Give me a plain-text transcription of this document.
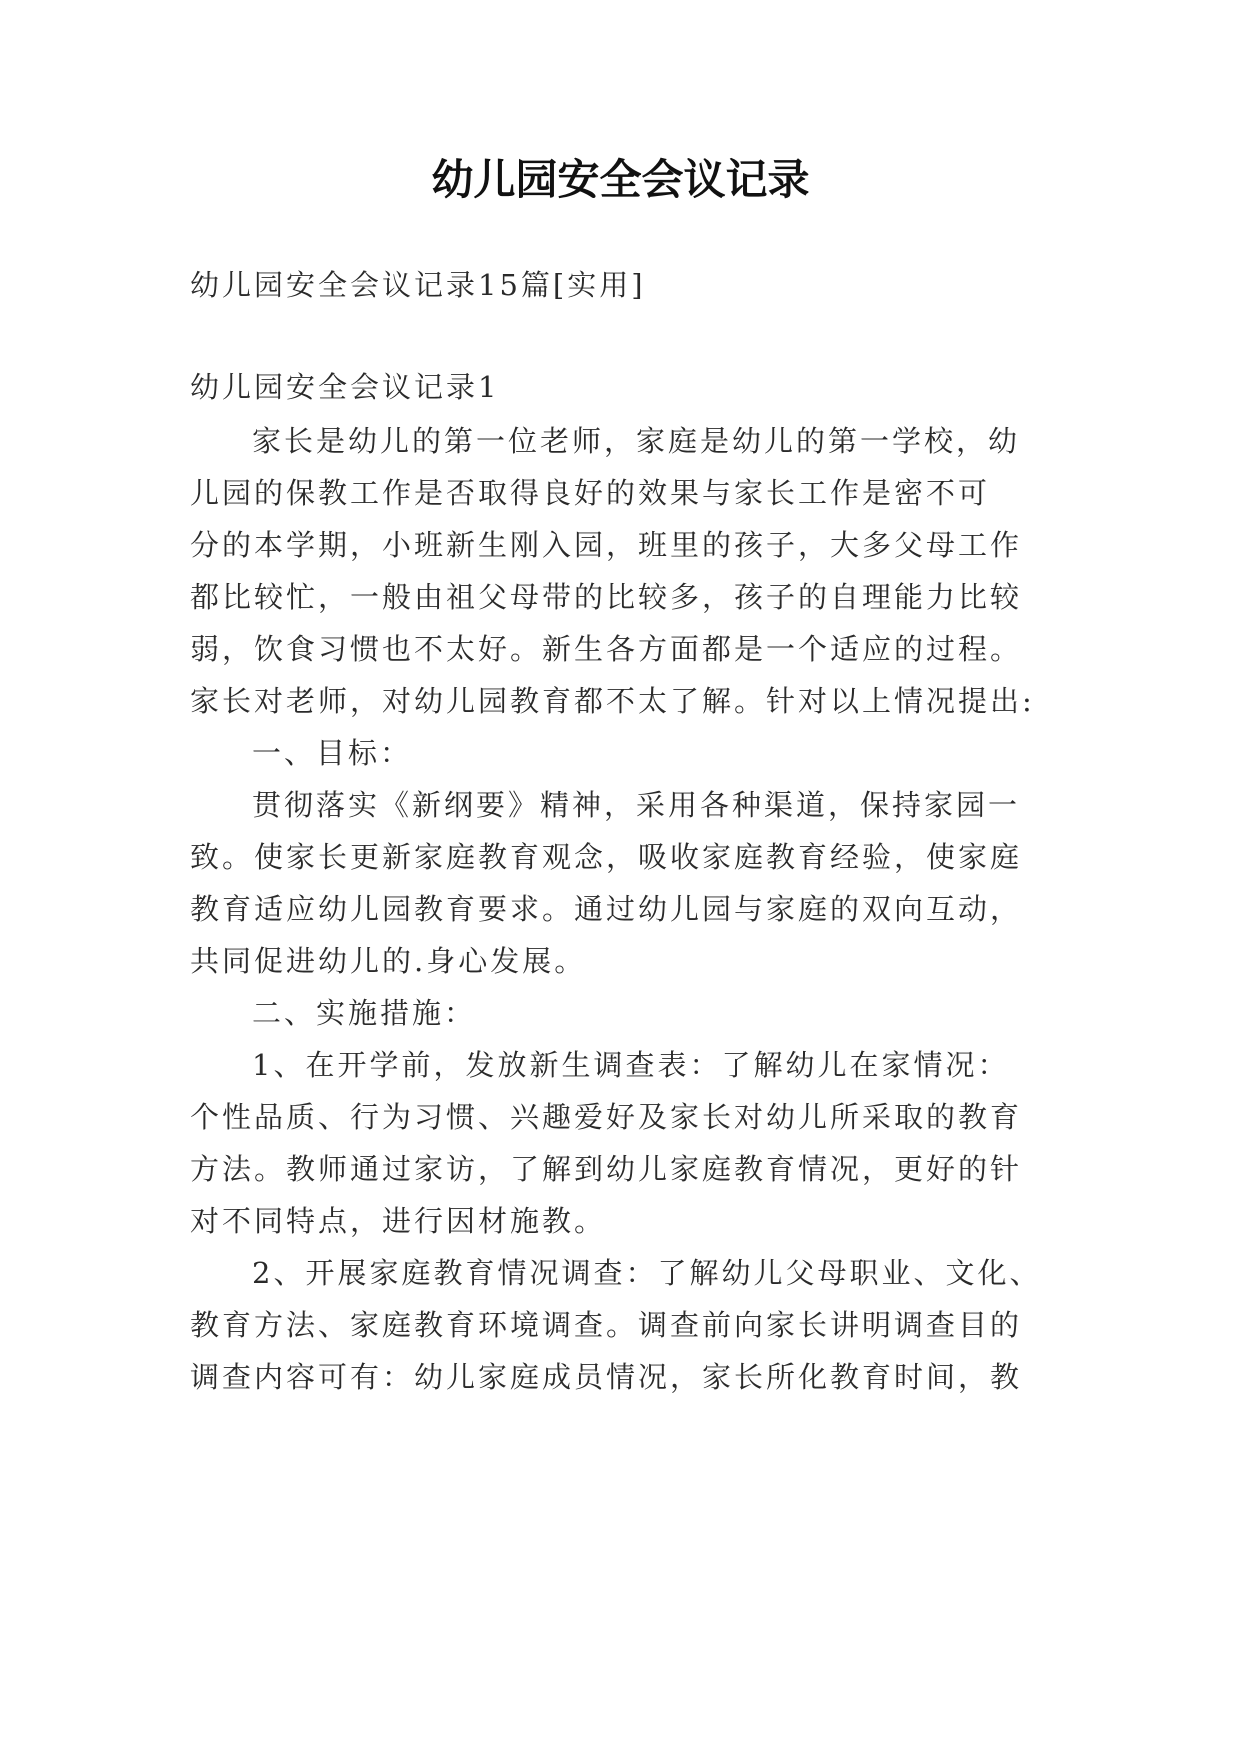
幼儿园安全会议记录

幼儿园安全会议记录15篇[实用]

幼儿园安全会议记录1

家长是幼儿的第一位老师，家庭是幼儿的第一学校，幼

儿园的保教工作是否取得良好的效果与家长工作是密不可

分的本学期，小班新生刚入园，班里的孩子，大多父母工作

都比较忙，一般由祖父母带的比较多，孩子的自理能力比较

弱，饮食习惯也不太好。新生各方面都是一个适应的过程。

家长对老师，对幼儿园教育都不太了解。针对以上情况提出:

一、目标：

贯彻落实《新纲要》精神，采用各种渠道，保持家园一

致。使家长更新家庭教育观念，吸收家庭教育经验，使家庭

教育适应幼儿园教育要求。通过幼儿园与家庭的双向互动，

共同促进幼儿的.身心发展。

二、实施措施：

1、在开学前，发放新生调查表：了解幼儿在家情况：

个性品质、行为习惯、兴趣爱好及家长对幼儿所采取的教育

方法。教师通过家访，了解到幼儿家庭教育情况，更好的针

对不同特点，进行因材施教。

2、开展家庭教育情况调查：了解幼儿父母职业、文化、

教育方法、家庭教育环境调查。调查前向家长讲明调查目的

调查内容可有：幼儿家庭成员情况，家长所化教育时间，教
